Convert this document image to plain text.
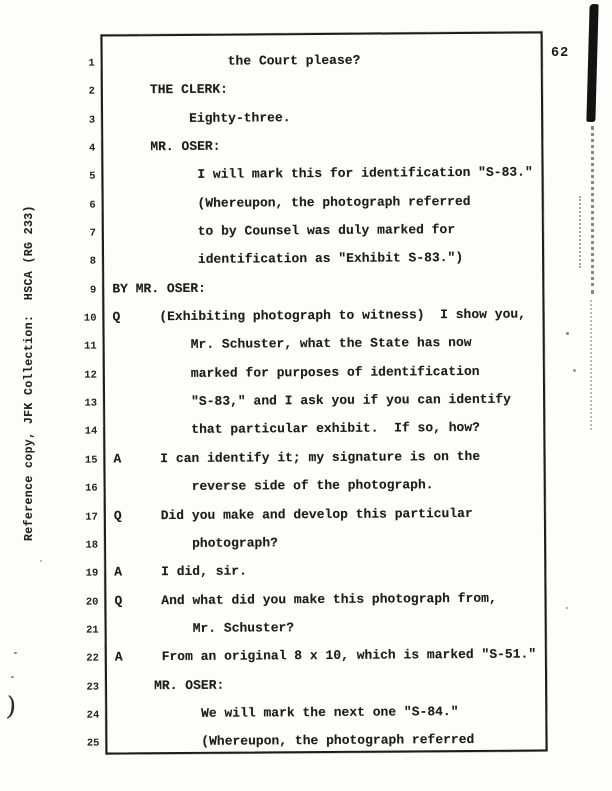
Reference copy, JFK Collection:  HSCA (RG 233)
)
62
1 the Court please?
2 THE CLERK:
3 Eighty-three.
4 MR. OSER:
5 I will mark this for identification "S-83."
6 (Whereupon, the photograph referred
7 to by Counsel was duly marked for
8 identification as "Exhibit S-83.")
9 BY MR. OSER:
10 Q     (Exhibiting photograph to witness)  I show you,
11 Mr. Schuster, what the State has now
12 marked for purposes of identification
13 "S-83," and I ask you if you can identify
14 that particular exhibit.  If so, how?
15 A     I can identify it; my signature is on the
16 reverse side of the photograph.
17 Q     Did you make and develop this particular
18 photograph?
19 A     I did, sir.
20 Q     And what did you make this photograph from,
21 Mr. Schuster?
22 A     From an original 8 x 10, which is marked "S-51."
23 MR. OSER:
24 We will mark the next one "S-84."
25 (Whereupon, the photograph referred
